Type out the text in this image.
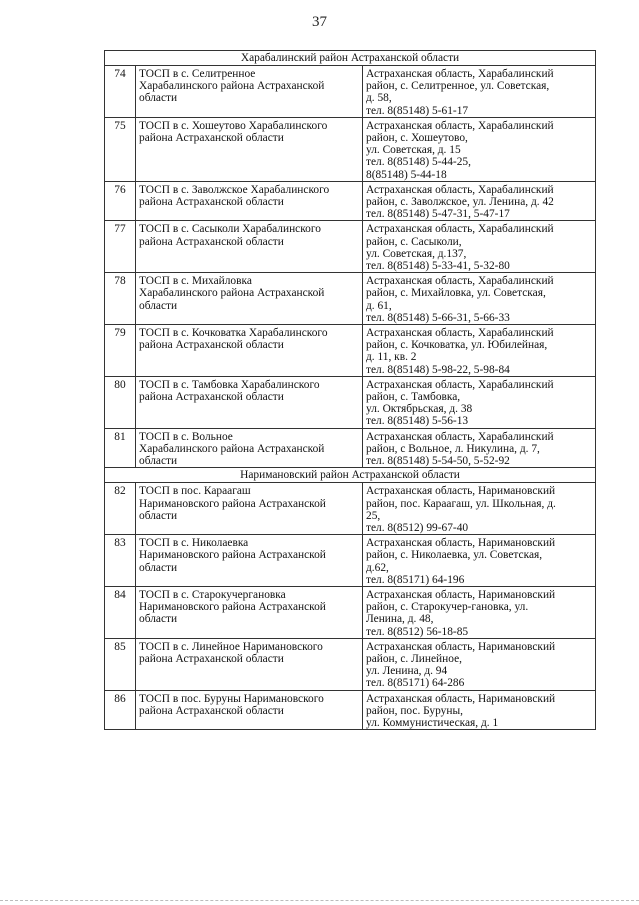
37
Харабалинский район Астраханской области		
74	ТОСП в с. Селитренное
Харабалинского района Астраханской
области	Астраханская область, Харабалинский
район, с. Селитренное, ул. Советская,
д. 58,
тел. 8(85148) 5-61-17

75	ТОСП в с. Хошеутово Харабалинского
района Астраханской области	Астраханская область, Харабалинский
район, с. Хошеутово,
ул. Советская, д. 15
тел. 8(85148) 5-44-25,
8(85148) 5-44-18

76	ТОСП в с. Заволжское Харабалинского
района Астраханской области	Астраханская область, Харабалинский
район, с. Заволжское, ул. Ленина, д. 42
тел. 8(85148) 5-47-31, 5-47-17

77	ТОСП в с. Сасыколи Харабалинского
района Астраханской области	Астраханская область, Харабалинский
район, с. Сасыколи,
ул. Советская, д.137,
тел. 8(85148) 5-33-41, 5-32-80

78	ТОСП в с. Михайловка
Харабалинского района Астраханской
области	Астраханская область, Харабалинский
район, с. Михайловка, ул. Советская,
д. 61,
тел. 8(85148) 5-66-31, 5-66-33

79	ТОСП в с. Кочковатка Харабалинского
района Астраханской области	Астраханская область, Харабалинский
район, с. Кочковатка, ул. Юбилейная,
д. 11, кв. 2
тел. 8(85148) 5-98-22, 5-98-84

80	ТОСП в с. Тамбовка Харабалинского
района Астраханской области	Астраханская область, Харабалинский
район, с. Тамбовка,
ул. Октябрьская, д. 38
тел. 8(85148) 5-56-13

81	ТОСП в с. Вольное
Харабалинского района Астраханской
области	Астраханская область, Харабалинский
район, с Вольное, л. Никулина, д. 7,
тел. 8(85148) 5-54-50, 5-52-92

Наримановский район Астраханской области		
82	ТОСП в пос. Караагаш
Наримановского района Астраханской
области	Астраханская область, Наримановский
район, пос. Караагаш, ул. Школьная, д.
25,
тел. 8(8512) 99-67-40

83	ТОСП в с. Николаевка
Наримановского района Астраханской
области	Астраханская область, Наримановский
район, с. Николаевка, ул. Советская,
д.62,
тел. 8(85171) 64-196

84	ТОСП в с. Старокучергановка
Наримановского района Астраханской
области	Астраханская область, Наримановский
район, с. Старокучер-гановка, ул.
Ленина, д. 48,
тел. 8(8512) 56-18-85

85	ТОСП в с. Линейное Наримановского
района Астраханской области	Астраханская область, Наримановский
район, с. Линейное,
ул. Ленина, д. 94
тел. 8(85171) 64-286

86	ТОСП в пос. Буруны Наримановского
района Астраханской области	Астраханская область, Наримановский
район, пос. Буруны,
ул. Коммунистическая, д. 1
